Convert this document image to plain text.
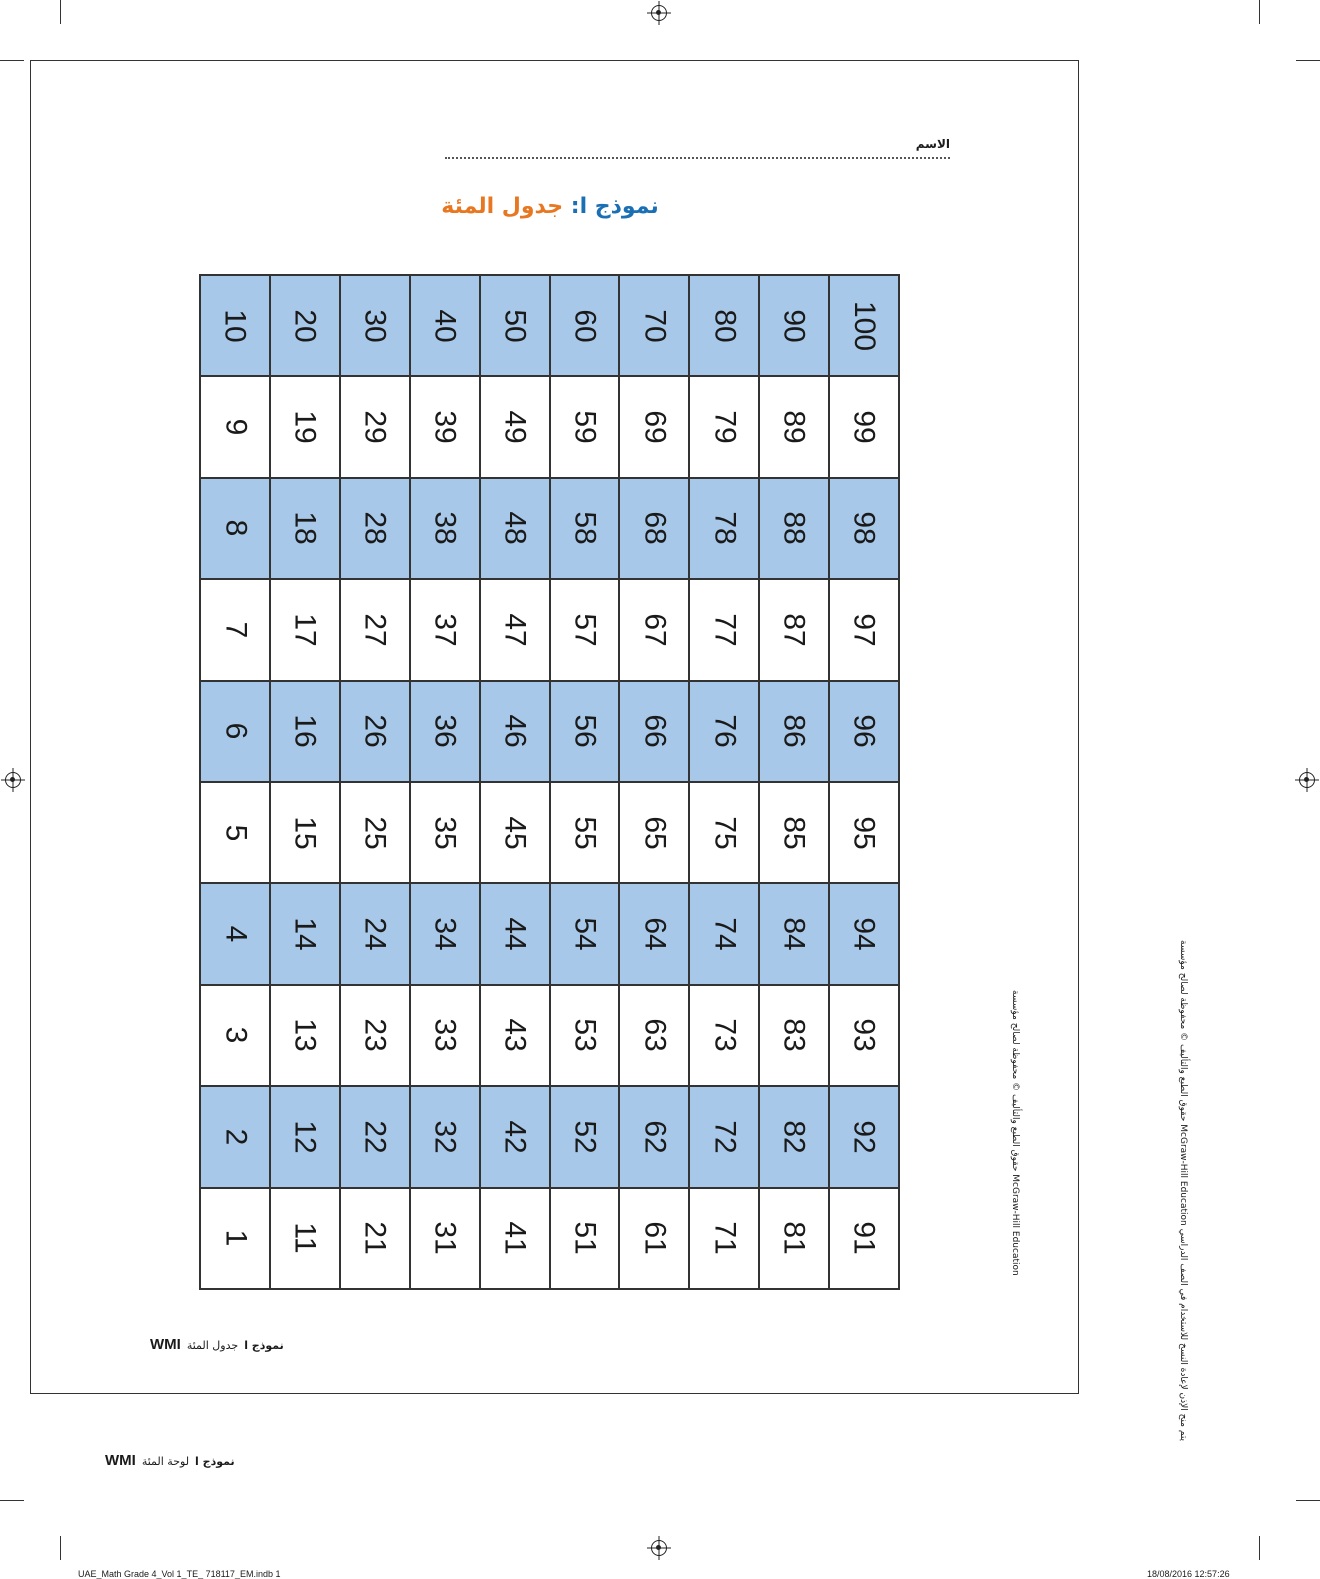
الاسم
نموذج ا: جدول المئة
10 20 30 40 50 60 70 80 90 100
9 19 29 39 49 59 69 79 89 99
8 18 28 38 48 58 68 78 88 98
7 17 27 37 47 57 67 77 87 97
6 16 26 36 46 56 66 76 86 96
5 15 25 35 45 55 65 75 85 95
4 14 24 34 44 54 64 74 84 94
3 13 23 33 43 53 63 73 83 93
2 12 22 32 42 52 62 72 82 92
1 11 21 31 41 51 61 71 81 91
حقوق الطبع والتأليف © محفوظة لصالح مؤسسة McGraw-Hill Education
حقوق الطبع والتأليف © محفوظة لصالح مؤسسة McGraw-Hill Education يتم منح الإذن لإعادة النسخ للاستخدام في الصف الدراسي
نموذج ا
جدول المئة
WMI
نموذج ا
لوحة المئة
WMI
UAE_Math Grade 4_Vol 1_TE_ 718117_EM.indb 1	18/08/2016 12:57:26
